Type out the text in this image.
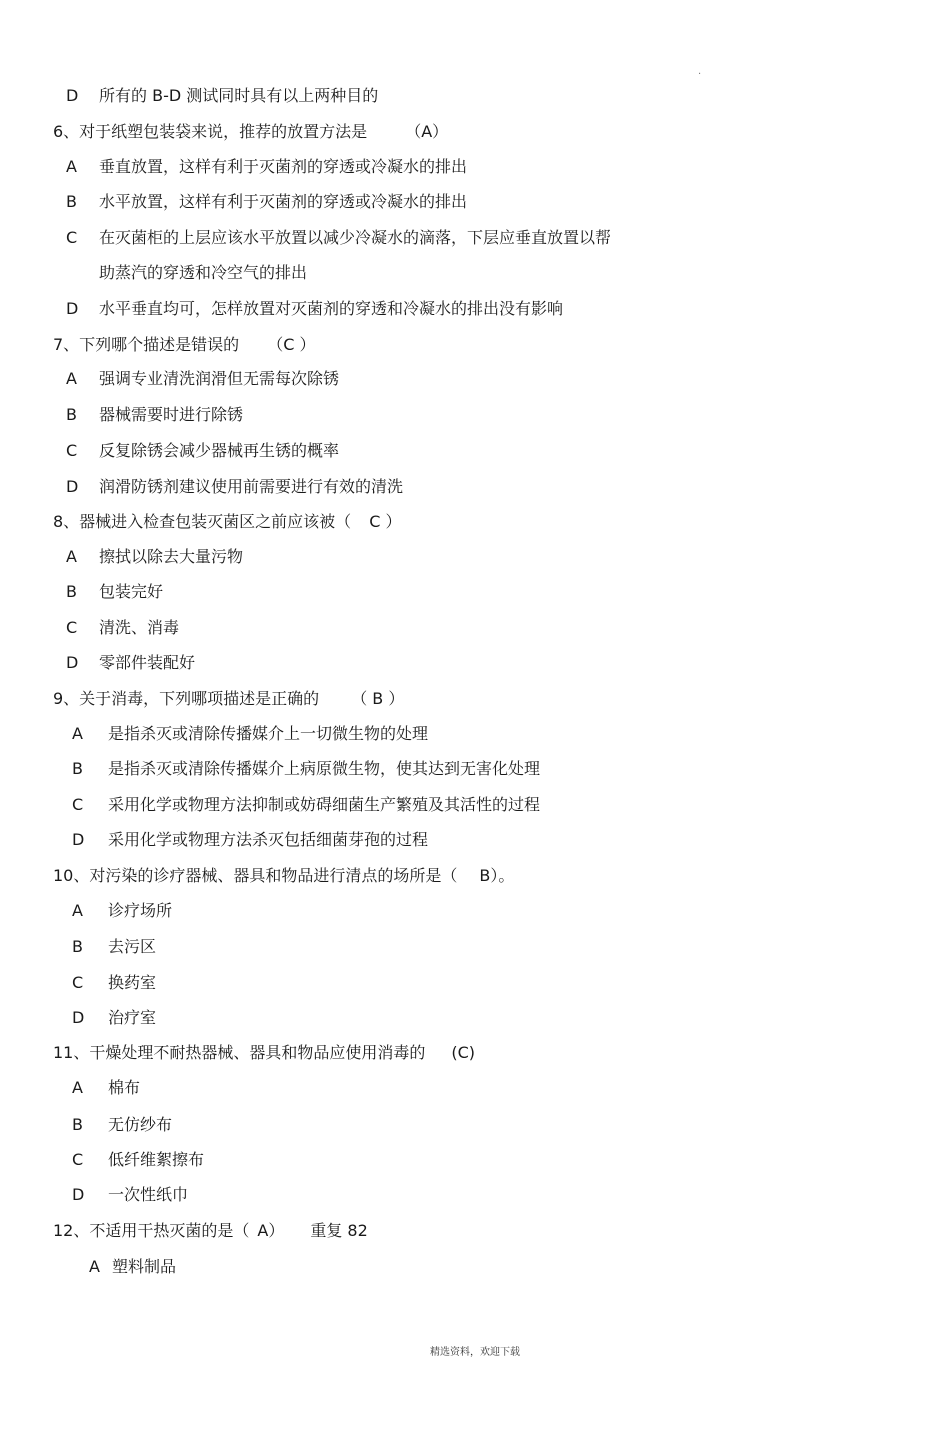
.
D 所有的 B-D 测试同时具有以上两种目的
6、对于纸塑包装袋来说，推荐的放置方法是 （A）
A 垂直放置，这样有利于灭菌剂的穿透或冷凝水的排出
B 水平放置，这样有利于灭菌剂的穿透或冷凝水的排出
C 在灭菌柜的上层应该水平放置以减少冷凝水的滴落，下层应垂直放置以帮
助蒸汽的穿透和冷空气的排出
D 水平垂直均可，怎样放置对灭菌剂的穿透和冷凝水的排出没有影响
7、下列哪个描述是错误的 （C ）
A 强调专业清洗润滑但无需每次除锈
B 器械需要时进行除锈
C 反复除锈会减少器械再生锈的概率
D 润滑防锈剂建议使用前需要进行有效的清洗
8、器械进入检查包装灭菌区之前应该被（ C ）
A 擦拭以除去大量污物
B 包装完好
C 清洗、消毒
D 零部件装配好
9、关于消毒，下列哪项描述是正确的 （ B ）
A 是指杀灭或清除传播媒介上一切微生物的处理
B 是指杀灭或清除传播媒介上病原微生物，使其达到无害化处理
C 采用化学或物理方法抑制或妨碍细菌生产繁殖及其活性的过程
D 采用化学或物理方法杀灭包括细菌芽孢的过程
10、对污染的诊疗器械、器具和物品进行清点的场所是（ B）。
A 诊疗场所
B 去污区
C 换药室
D 治疗室
11、干燥处理不耐热器械、器具和物品应使用消毒的 (C)
A 棉布
B 无仿纱布
C 低纤维絮擦布
D 一次性纸巾
12、不适用干热灭菌的是（ A） 重复 82
A 塑料制品
精选资料，欢迎下载
